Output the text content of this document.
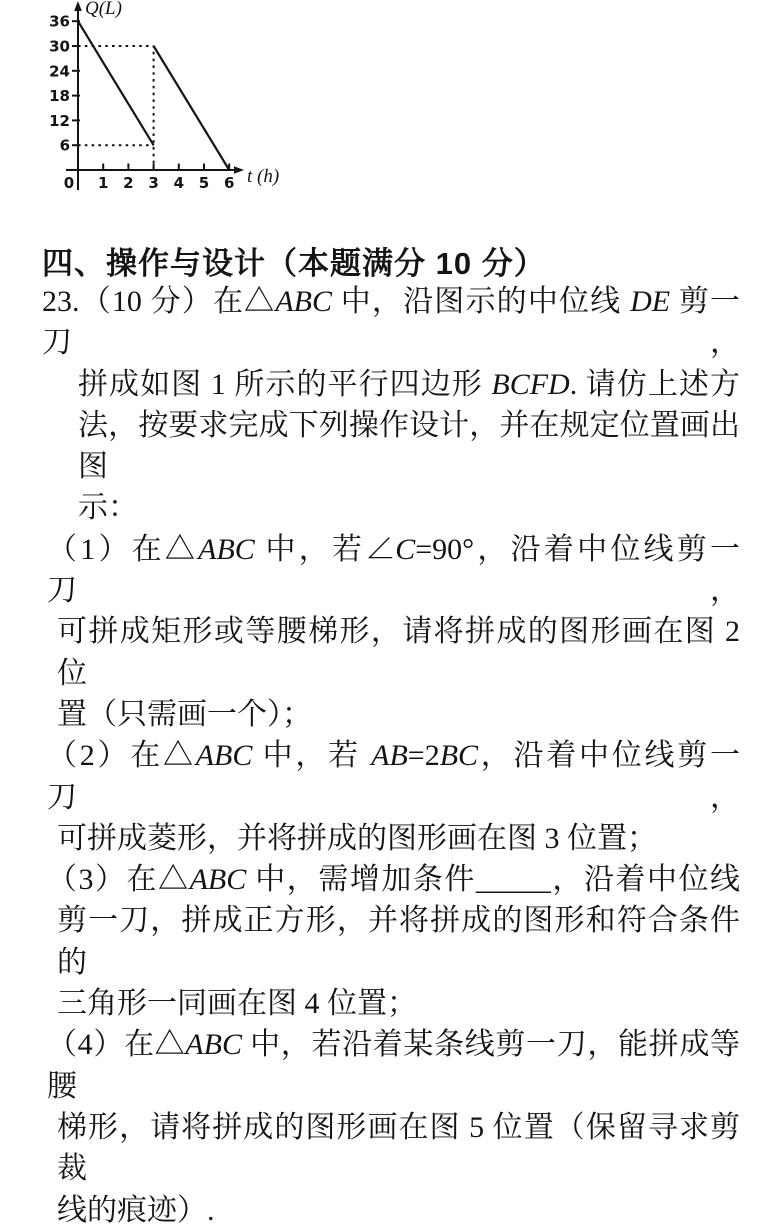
1 2 3 4 5 6
6
12
18
24
30
36
0
Q(L)
t (h)
四、操作与设计（本题满分 10 分）
23.（10 分）在△ABC 中，沿图示的中位线 DE 剪一刀，
拼成如图 1 所示的平行四边形 BCFD. 请仿上述方
法，按要求完成下列操作设计，并在规定位置画出图
示：
（1）在△ABC 中，若∠C=90°，沿着中位线剪一刀，
可拼成矩形或等腰梯形，请将拼成的图形画在图 2 位
置（只需画一个）；
（2）在△ABC 中，若 AB=2BC，沿着中位线剪一刀，
可拼成菱形，并将拼成的图形画在图 3 位置；
（3）在△ABC 中，需增加条件_____，沿着中位线
剪一刀，拼成正方形，并将拼成的图形和符合条件的
三角形一同画在图 4 位置；
（4）在△ABC 中，若沿着某条线剪一刀，能拼成等腰
梯形，请将拼成的图形画在图 5 位置（保留寻求剪裁
线的痕迹）.
